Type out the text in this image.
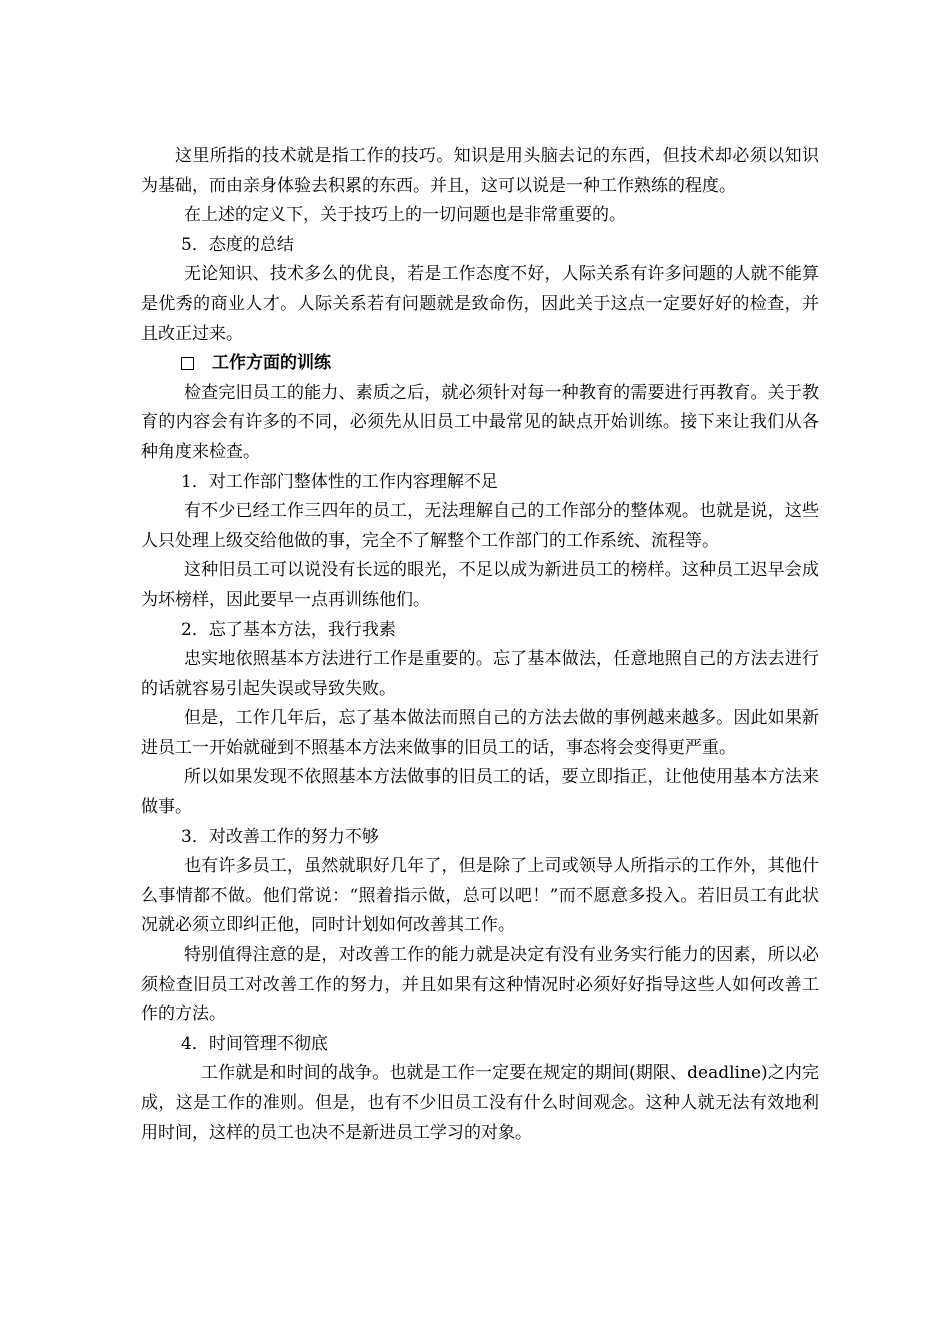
这里所指的技术就是指工作的技巧。知识是用头脑去记的东西，但技术却必须以知识为基础，而由亲身体验去积累的东西。并且，这可以说是一种工作熟练的程度。

在上述的定义下，关于技巧上的一切问题也是非常重要的。

5．态度的总结

无论知识、技术多么的优良，若是工作态度不好，人际关系有许多问题的人就不能算是优秀的商业人才。人际关系若有问题就是致命伤，因此关于这点一定要好好的检查，并且改正过来。

工作方面的训练

检查完旧员工的能力、素质之后，就必须针对每一种教育的需要进行再教育。关于教育的内容会有许多的不同，必须先从旧员工中最常见的缺点开始训练。接下来让我们从各种角度来检查。

1．对工作部门整体性的工作内容理解不足

有不少已经工作三四年的员工，无法理解自己的工作部分的整体观。也就是说，这些人只处理上级交给他做的事，完全不了解整个工作部门的工作系统、流程等。

这种旧员工可以说没有长远的眼光，不足以成为新进员工的榜样。这种员工迟早会成为坏榜样，因此要早一点再训练他们。

2．忘了基本方法，我行我素

忠实地依照基本方法进行工作是重要的。忘了基本做法，任意地照自己的方法去进行的话就容易引起失误或导致失败。

但是，工作几年后，忘了基本做法而照自己的方法去做的事例越来越多。因此如果新进员工一开始就碰到不照基本方法来做事的旧员工的话，事态将会变得更严重。

所以如果发现不依照基本方法做事的旧员工的话，要立即指正，让他使用基本方法来做事。

3．对改善工作的努力不够

也有许多员工，虽然就职好几年了，但是除了上司或领导人所指示的工作外，其他什么事情都不做。他们常说：“照着指示做，总可以吧！”而不愿意多投入。若旧员工有此状况就必须立即纠正他，同时计划如何改善其工作。

特别值得注意的是，对改善工作的能力就是决定有没有业务实行能力的因素，所以必须检查旧员工对改善工作的努力，并且如果有这种情况时必须好好指导这些人如何改善工作的方法。

4．时间管理不彻底

工作就是和时间的战争。也就是工作一定要在规定的期间(期限、deadline)之内完成，这是工作的准则。但是，也有不少旧员工没有什么时间观念。这种人就无法有效地利用时间，这样的员工也决不是新进员工学习的对象。
